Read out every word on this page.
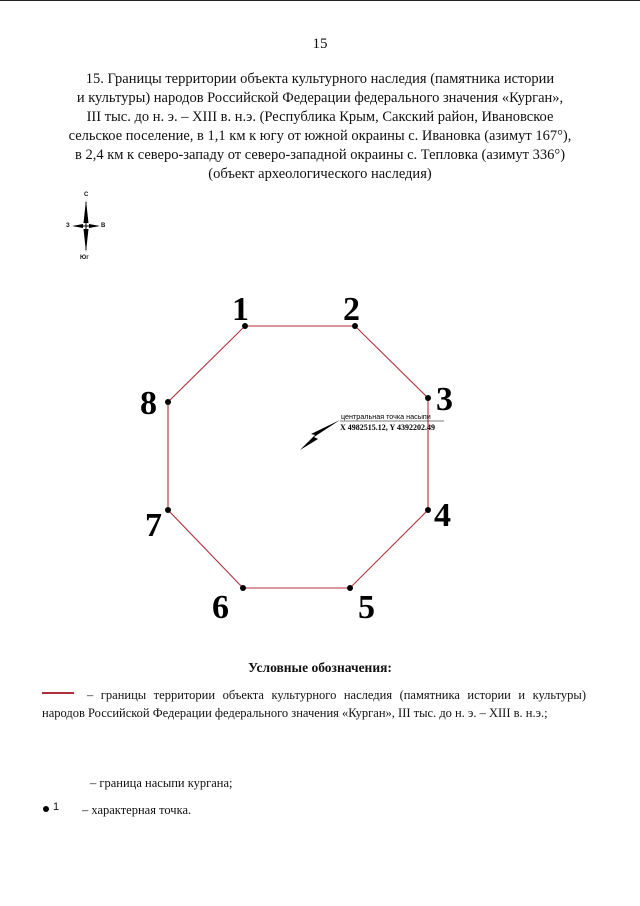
15
15. Границы территории объекта культурного наследия (памятника истории
и культуры) народов Российской Федерации федерального значения «Курган»,
III тыс. до н. э. – XIII в. н.э. (Республика Крым, Сакский район, Ивановское
сельское поселение, в 1,1 км к югу от южной окраины с. Ивановка (азимут 167°),
в 2,4 км к северо-западу от северо-западной окраины с. Тепловка (азимут 336°)
(объект археологического наследия)
С
З	В
Юг
1	2
3
4
5
6
7
8	центральная точка насыпи
X 4982515.12, Y 4392202.49
Условные обозначения:
– границы территории объекта культурного наследия (памятника истории и культуры) народов Российской Федерации федерального значения «Курган», III тыс. до н. э. – XIII в. н.э.;
– граница насыпи кургана;
1 – характерная точка.
